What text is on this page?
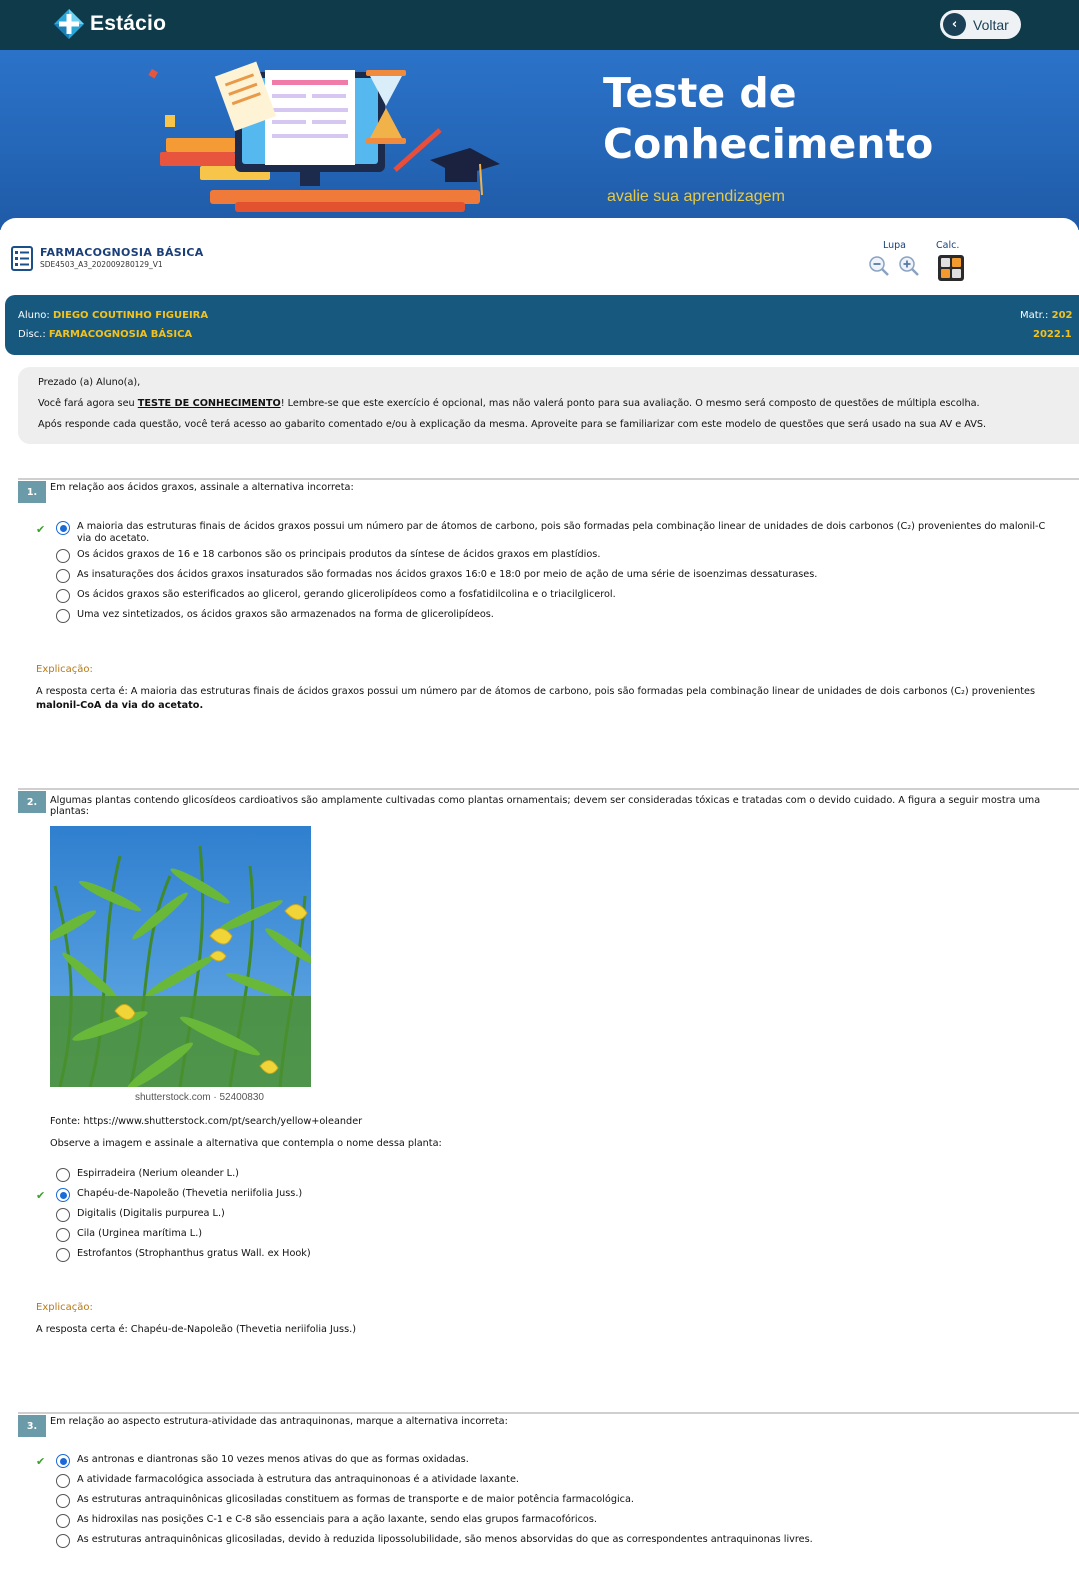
Estácio	‹	Voltar
Teste de
Conhecimento
avalie sua aprendizagem
FARMACOGNOSIA BÁSICA
SDE4503_A3_202009280129_V1
Lupa	Calc.
Aluno: DIEGO COUTINHO FIGUEIRA
Disc.: FARMACOGNOSIA BÁSICA
Matr.: 202
2022.1

Prezado (a) Aluno(a),

Você fará agora seu TESTE DE CONHECIMENTO! Lembre-se que este exercício é opcional, mas não valerá ponto para sua avaliação. O mesmo será composto de questões de múltipla escolha.

Após responde cada questão, você terá acesso ao gabarito comentado e/ou à explicação da mesma. Aproveite para se familiarizar com este modelo de questões que será usado na sua AV e AVS.

1.	Em relação aos ácidos graxos, assinale a alternativa incorreta:
✔	A maioria das estruturas finais de ácidos graxos possui um número par de átomos de carbono, pois são formadas pela combinação linear de unidades de dois carbonos (C₂) provenientes do malonil-C
via do acetato.
Os ácidos graxos de 16 e 18 carbonos são os principais produtos da síntese de ácidos graxos em plastídios.
As insaturações dos ácidos graxos insaturados são formadas nos ácidos graxos 16:0 e 18:0 por meio de ação de uma série de isoenzimas dessaturases.
Os ácidos graxos são esterificados ao glicerol, gerando glicerolipídeos como a fosfatidilcolina e o triacilglicerol.
Uma vez sintetizados, os ácidos graxos são armazenados na forma de glicerolipídeos.
Explicação:
A resposta certa é: A maioria das estruturas finais de ácidos graxos possui um número par de átomos de carbono, pois são formadas pela combinação linear de unidades de dois carbonos (C₂) provenientes
malonil-CoA da via do acetato.
2.	Algumas plantas contendo glicosídeos cardioativos são amplamente cultivadas como plantas ornamentais; devem ser consideradas tóxicas e tratadas com o devido cuidado. A figura a seguir mostra uma
plantas:
shutterstock.com · 52400830
Fonte: https://www.shutterstock.com/pt/search/yellow+oleander
Observe a imagem e assinale a alternativa que contempla o nome dessa planta:
Espirradeira (Nerium oleander L.)
✔	Chapéu-de-Napoleão (Thevetia neriifolia Juss.)
Digitalis (Digitalis purpurea L.)
Cila (Urginea marítima L.)
Estrofantos (Strophanthus gratus Wall. ex Hook)
Explicação:
A resposta certa é: Chapéu-de-Napoleão (Thevetia neriifolia Juss.)
3.	Em relação ao aspecto estrutura-atividade das antraquinonas, marque a alternativa incorreta:
✔	As antronas e diantronas são 10 vezes menos ativas do que as formas oxidadas.
A atividade farmacológica associada à estrutura das antraquinonoas é a atividade laxante.
As estruturas antraquinônicas glicosiladas constituem as formas de transporte e de maior potência farmacológica.
As hidroxilas nas posições C-1 e C-8 são essenciais para a ação laxante, sendo elas grupos farmacofóricos.
As estruturas antraquinônicas glicosiladas, devido à reduzida lipossolubilidade, são menos absorvidas do que as correspondentes antraquinonas livres.
